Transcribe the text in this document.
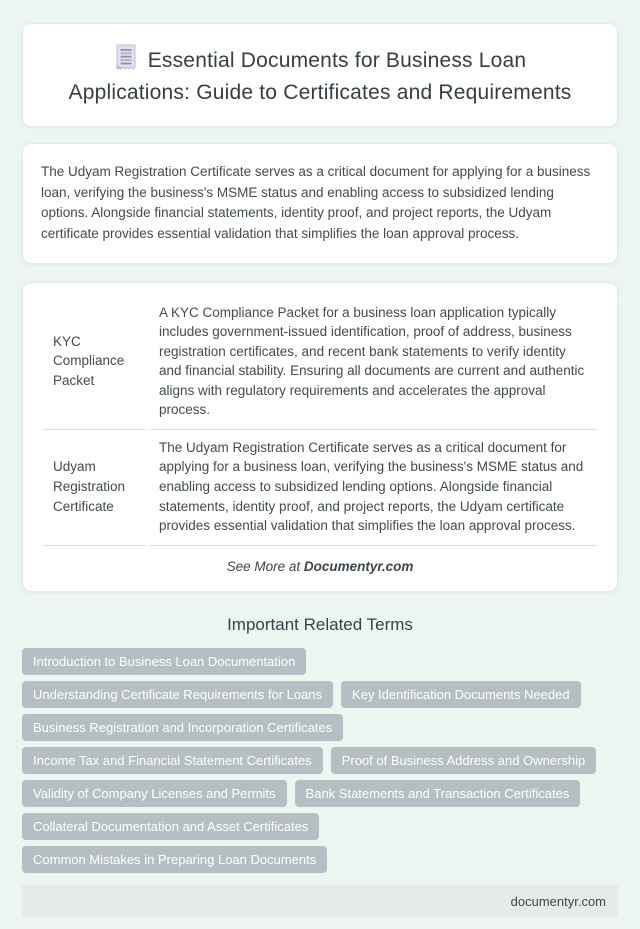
Essential Documents for Business Loan Applications: Guide to Certificates and Requirements

The Udyam Registration Certificate serves as a critical document for applying for a business loan, verifying the business's MSME status and enabling access to subsidized lending options. Alongside financial statements, identity proof, and project reports, the Udyam certificate provides essential validation that simplifies the loan approval process.

KYC Compliance Packet	A KYC Compliance Packet for a business loan application typically includes government-issued identification, proof of address, business registration certificates, and recent bank statements to verify identity and financial stability. Ensuring all documents are current and authentic aligns with regulatory requirements and accelerates the approval process.
Udyam Registration Certificate	The Udyam Registration Certificate serves as a critical document for applying for a business loan, verifying the business's MSME status and enabling access to subsidized lending options. Alongside financial statements, identity proof, and project reports, the Udyam certificate provides essential validation that simplifies the loan approval process.
See More at Documentyr.com
Important Related Terms
Introduction to Business Loan Documentation
Understanding Certificate Requirements for Loans	Key Identification Documents Needed
Business Registration and Incorporation Certificates
Income Tax and Financial Statement Certificates	Proof of Business Address and Ownership
Validity of Company Licenses and Permits	Bank Statements and Transaction Certificates
Collateral Documentation and Asset Certificates
Common Mistakes in Preparing Loan Documents
documentyr.com
